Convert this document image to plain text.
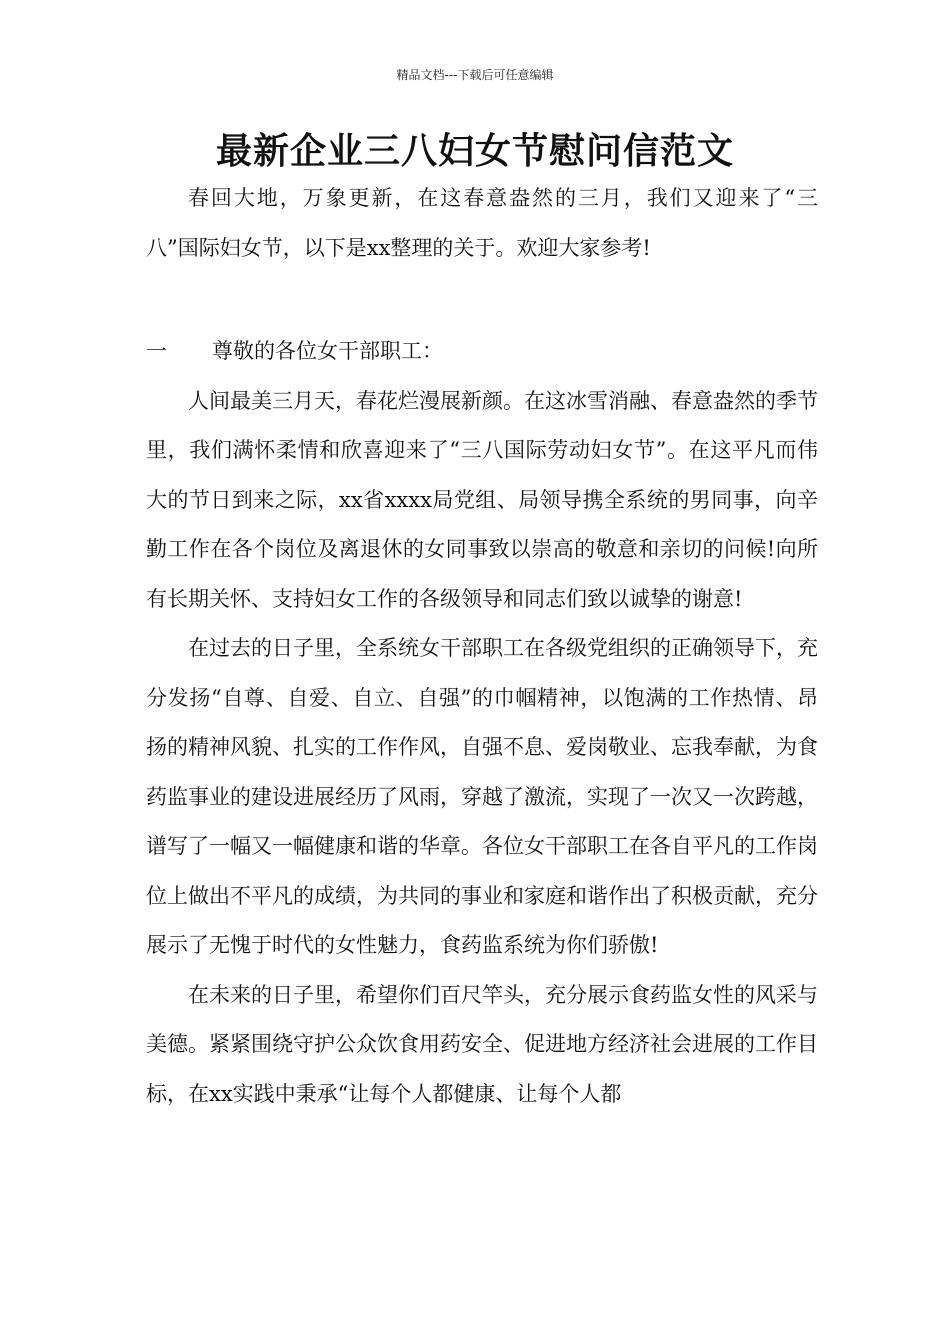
精品文档---下载后可任意编辑
最新企业三八妇女节慰问信范文

春回大地，万象更新，在这春意盎然的三月，我们又迎来了“三八”国际妇女节，以下是xx整理的关于。欢迎大家参考!

一	尊敬的各位女干部职工：

人间最美三月天，春花烂漫展新颜。在这冰雪消融、春意盎然的季节里，我们满怀柔情和欣喜迎来了“三八国际劳动妇女节”。在这平凡而伟大的节日到来之际，xx省xxxx局党组、局领导携全系统的男同事，向辛勤工作在各个岗位及离退休的女同事致以崇高的敬意和亲切的问候!向所有长期关怀、支持妇女工作的各级领导和同志们致以诚挚的谢意!

在过去的日子里，全系统女干部职工在各级党组织的正确领导下，充分发扬“自尊、自爱、自立、自强”的巾帼精神，以饱满的工作热情、昂扬的精神风貌、扎实的工作作风，自强不息、爱岗敬业、忘我奉献，为食药监事业的建设进展经历了风雨，穿越了激流，实现了一次又一次跨越，谱写了一幅又一幅健康和谐的华章。各位女干部职工在各自平凡的工作岗位上做出不平凡的成绩，为共同的事业和家庭和谐作出了积极贡献，充分展示了无愧于时代的女性魅力，食药监系统为你们骄傲!

在未来的日子里，希望你们百尺竿头，充分展示食药监女性的风采与美德。紧紧围绕守护公众饮食用药安全、促进地方经济社会进展的工作目标，在xx实践中秉承“让每个人都健康、让每个人都
